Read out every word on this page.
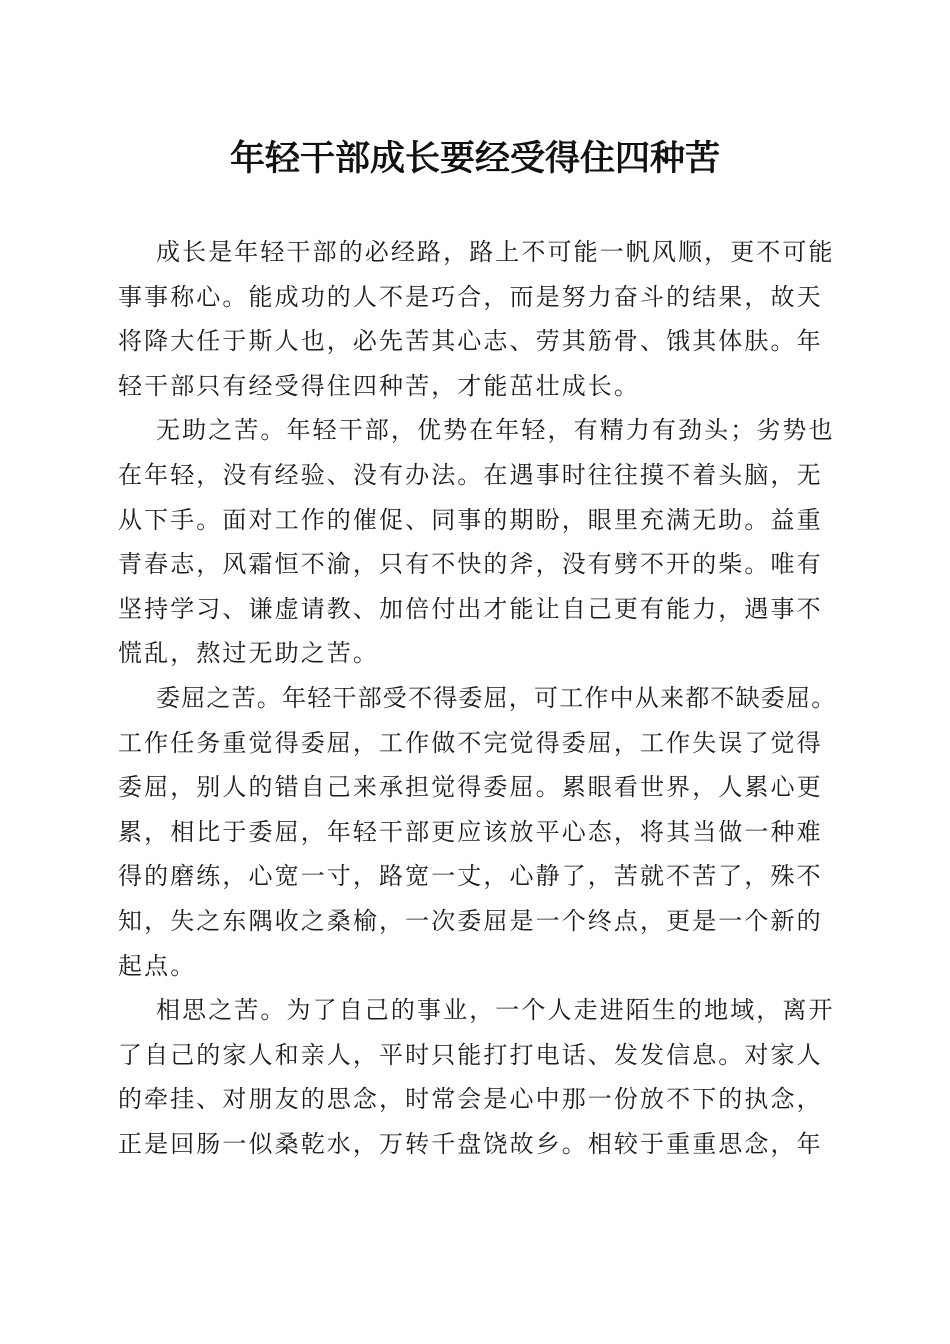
年轻干部成长要经受得住四种苦

成长是年轻干部的必经路，路上不可能一帆风顺，更不可能
事事称心。能成功的人不是巧合，而是努力奋斗的结果，故天
将降大任于斯人也，必先苦其心志、劳其筋骨、饿其体肤。年
轻干部只有经受得住四种苦，才能茁壮成长。

无助之苦。年轻干部，优势在年轻，有精力有劲头；劣势也
在年轻，没有经验、没有办法。在遇事时往往摸不着头脑，无
从下手。面对工作的催促、同事的期盼，眼里充满无助。益重
青春志，风霜恒不渝，只有不快的斧，没有劈不开的柴。唯有
坚持学习、谦虚请教、加倍付出才能让自己更有能力，遇事不
慌乱，熬过无助之苦。

委屈之苦。年轻干部受不得委屈，可工作中从来都不缺委屈。
工作任务重觉得委屈，工作做不完觉得委屈，工作失误了觉得
委屈，别人的错自己来承担觉得委屈。累眼看世界，人累心更
累，相比于委屈，年轻干部更应该放平心态，将其当做一种难
得的磨练，心宽一寸，路宽一丈，心静了，苦就不苦了，殊不
知，失之东隅收之桑榆，一次委屈是一个终点，更是一个新的
起点。

相思之苦。为了自己的事业，一个人走进陌生的地域，离开
了自己的家人和亲人，平时只能打打电话、发发信息。对家人
的牵挂、对朋友的思念，时常会是心中那一份放不下的执念，
正是回肠一似桑乾水，万转千盘饶故乡。相较于重重思念，年
